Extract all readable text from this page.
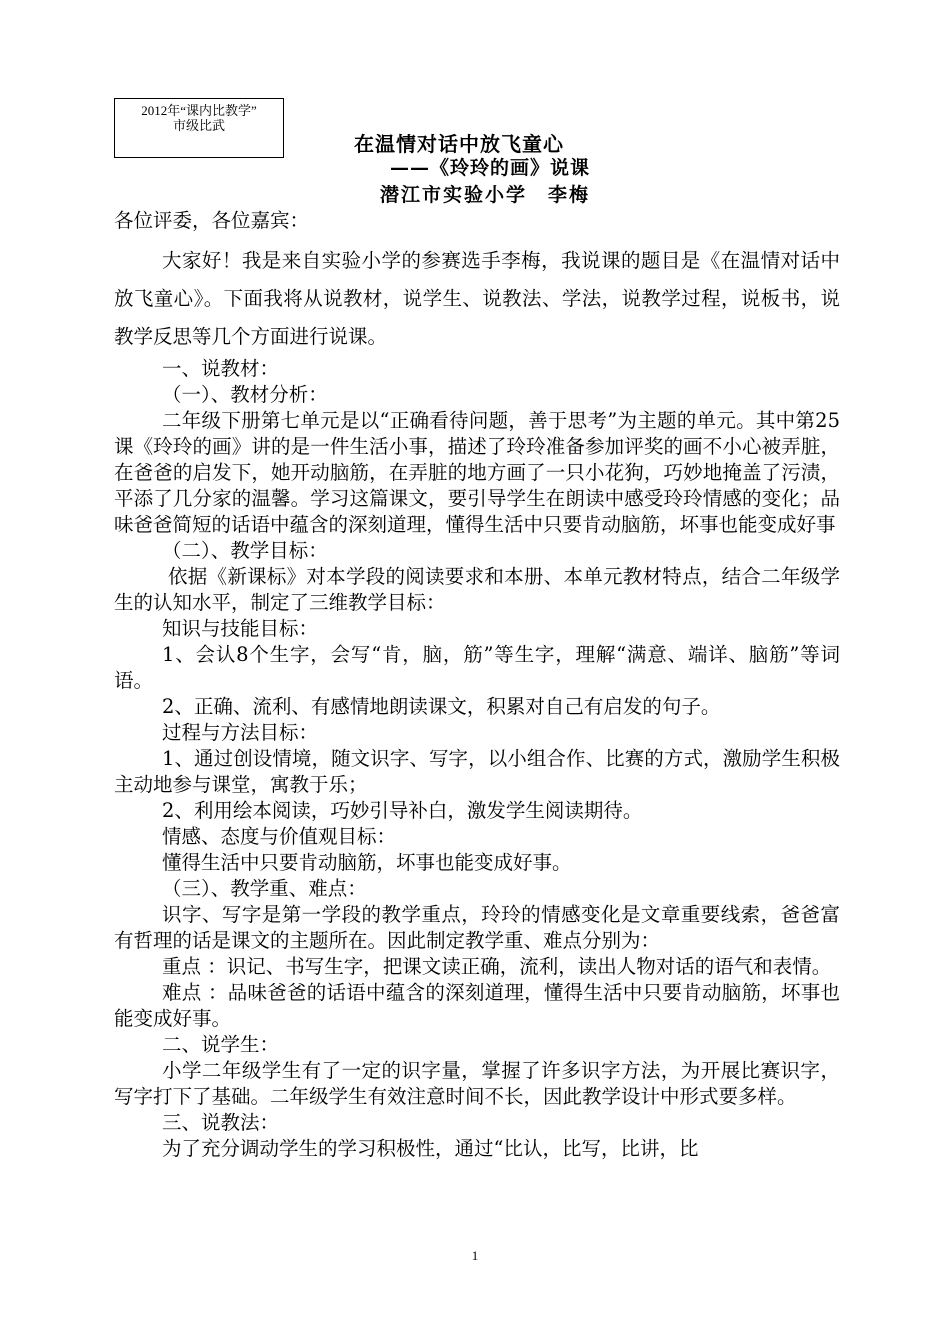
2012年“课内比教学”
市级比武
在温情对话中放飞童心
——《玲玲的画》说课
潜江市实验小学　李梅

各位评委，各位嘉宾：

大家好！我是来自实验小学的参赛选手李梅，我说课的题目是《在温情对话中放飞童心》。下面我将从说教材，说学生、说教法、学法，说教学过程，说板书，说教学反思等几个方面进行说课。

一、说教材：

（一）、教材分析：

二年级下册第七单元是以“正确看待问题，善于思考”为主题的单元。其中第25课《玲玲的画》讲的是一件生活小事，描述了玲玲准备参加评奖的画不小心被弄脏，在爸爸的启发下，她开动脑筋，在弄脏的地方画了一只小花狗，巧妙地掩盖了污渍，平添了几分家的温馨。学习这篇课文，要引导学生在朗读中感受玲玲情感的变化；品味爸爸简短的话语中蕴含的深刻道理，懂得生活中只要肯动脑筋，坏事也能变成好事

（二）、教学目标：

依据《新课标》对本学段的阅读要求和本册、本单元教材特点，结合二年级学生的认知水平，制定了三维教学目标：

知识与技能目标：

1、会认8个生字，会写“肯，脑，筋”等生字，理解“满意、端详、脑筋”等词语。

2、正确、流利、有感情地朗读课文，积累对自己有启发的句子。

过程与方法目标：

1、通过创设情境，随文识字、写字，以小组合作、比赛的方式，激励学生积极主动地参与课堂，寓教于乐；

2、利用绘本阅读，巧妙引导补白，激发学生阅读期待。

情感、态度与价值观目标：

懂得生活中只要肯动脑筋，坏事也能变成好事。

（三）、教学重、难点：

识字、写字是第一学段的教学重点，玲玲的情感变化是文章重要线索，爸爸富有哲理的话是课文的主题所在。因此制定教学重、难点分别为：

重点 ：识记、书写生字，把课文读正确，流利，读出人物对话的语气和表情。

难点 ：品味爸爸的话语中蕴含的深刻道理，懂得生活中只要肯动脑筋，坏事也能变成好事。

二、说学生：

小学二年级学生有了一定的识字量，掌握了许多识字方法，为开展比赛识字，写字打下了基础。二年级学生有效注意时间不长，因此教学设计中形式要多样。

三、说教法：

为了充分调动学生的学习积极性，通过“比认，比写，比讲，比

1
